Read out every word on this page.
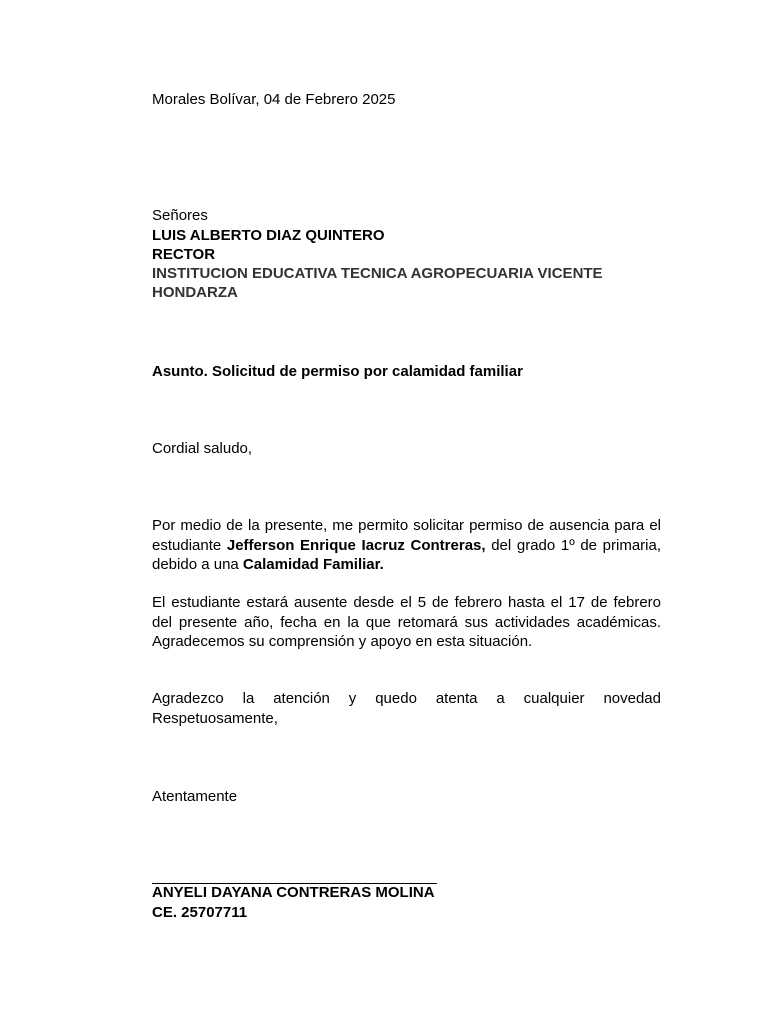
Morales Bolívar, 04 de Febrero 2025
Señores
LUIS ALBERTO DIAZ QUINTERO
RECTOR
INSTITUCION EDUCATIVA TECNICA AGROPECUARIA VICENTE
HONDARZA
Asunto. Solicitud de permiso por calamidad familiar
Cordial saludo,
Por medio de la presente, me permito solicitar permiso de ausencia para el
estudiante Jefferson Enrique Iacruz Contreras, del grado 1º de primaria,
debido a una Calamidad Familiar.
El estudiante estará ausente desde el 5 de febrero hasta el 17 de febrero
del presente año, fecha en la que retomará sus actividades académicas.
Agradecemos su comprensión y apoyo en esta situación.
Agradezco la atención y quedo atenta a cualquier novedad
Respetuosamente,
Atentamente
ANYELI DAYANA CONTRERAS MOLINA
CE. 25707711
